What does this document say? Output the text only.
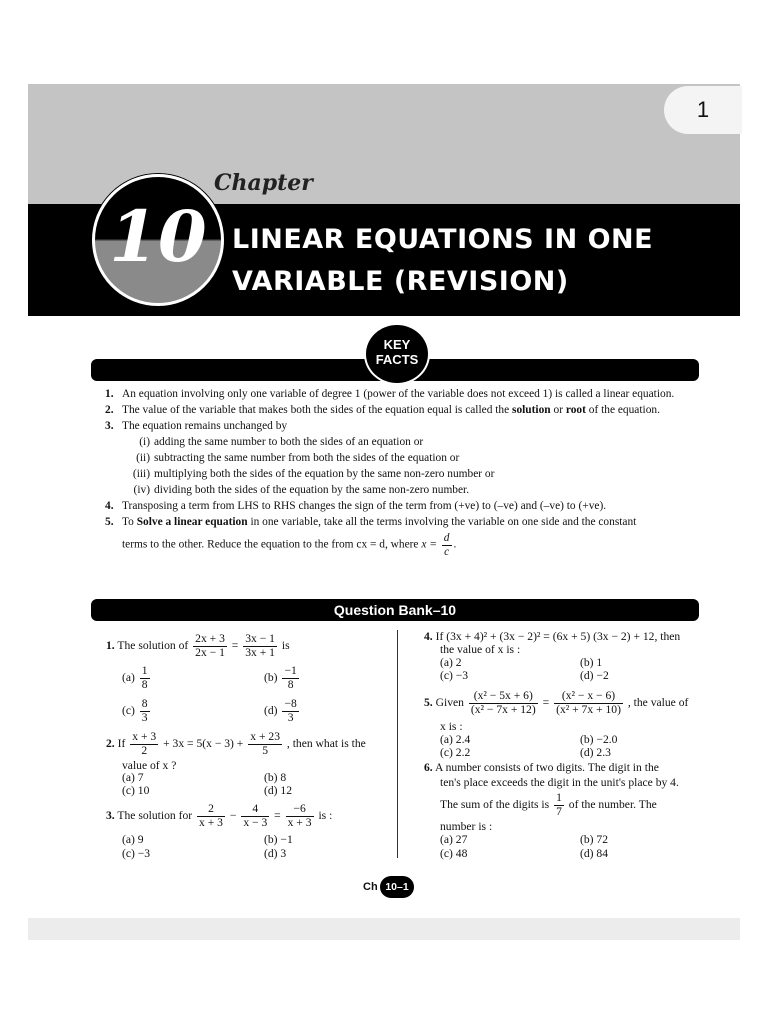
1
Chapter
10 LINEAR EQUATIONS IN ONE
VARIABLE (REVISION)
KEY
FACTS
1. An equation involving only one variable of degree 1 (power of the variable does not exceed 1) is called a linear equation.
2. The value of the variable that makes both the sides of the equation equal is called the solution or root of the equation.
3. The equation remains unchanged by
(i) adding the same number to both the sides of an equation or
(ii) subtracting the same number from both the sides of the equation or
(iii) multiplying both the sides of the equation by the same non-zero number or
(iv) dividing both the sides of the equation by the same non-zero number.
4. Transposing a term from LHS to RHS changes the sign of the term from (+ve) to (–ve) and (–ve) to (+ve).
5. To Solve a linear equation in one variable, take all the terms involving the variable on one side and the constant
terms to the other. Reduce the equation to the from cx = d, where $x = \frac{d}{c}$ .
Question Bank–10
1. The solution of $\frac{2x + 3}{2x - 1} = \frac{3x - 1}{3x + 1}$ is
$(a) \frac{1}{8}$	$(b) \frac{-1}{8}$
$(c) \frac{8}{3}$	$(d) \frac{-8}{3}$
2. If $\frac{x + 3}{2} + 3x = 5(x - 3) + \frac{x + 23}{5}$ , then what is the
value of x ?
(a) 7	(b) 8
(c) 10	(d) 12
3. The solution for $\frac{2}{x + 3} - \frac{4}{x - 3} = \frac{-6}{x + 3}$ is :
(a) 9	(b) −1
(c) −3	(d) 3
4. If (3x + 4)² + (3x − 2)² = (6x + 5) (3x − 2) + 12, then
the value of x is :
(a) 2	(b) 1
(c) −3	(d) −2
5. Given $\frac{\text{(x² − 5x + 6)}}{\text{(x² − 7x + 12)}} = \frac{\text{(x² − x − 6)}}{\text{(x² + 7x + 10)}}$ , the value of
x is :
(a) 2.4	(b) −2.0
(c) 2.2	(d) 2.3
6. A number consists of two digits. The digit in the
ten's place exceeds the digit in the unit's place by 4.
The sum of the digits is $\frac{1}{7}$ of the number. The
number is :
(a) 27	(b) 72
(c) 48	(d) 84
Ch 10–1
